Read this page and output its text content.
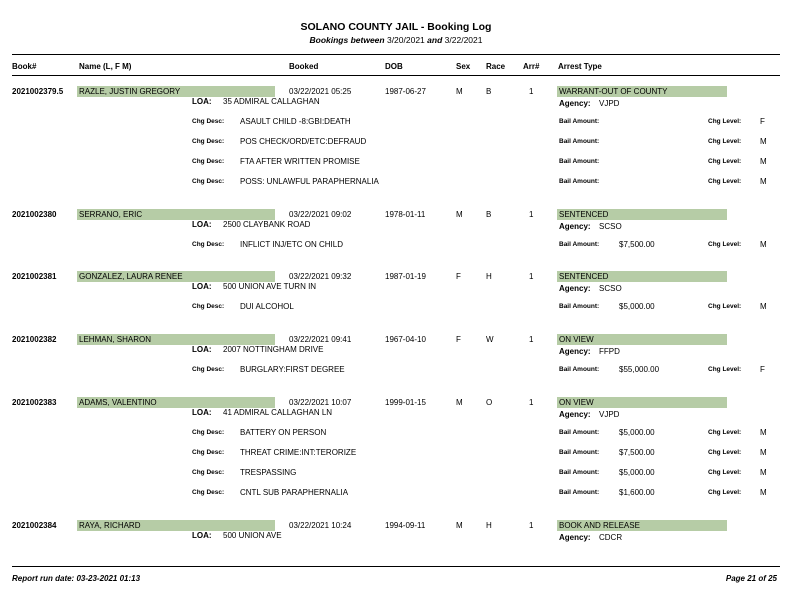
SOLANO COUNTY JAIL - Booking Log
Bookings between 3/20/2021 and 3/22/2021
Book#	Name (L, F M)	Booked	DOB	Sex Race Arr# Arrest Type
2021002379.5 RAZLE, JUSTIN GREGORY	03/22/2021 05:25	1987-06-27	M	B	1	WARRANT-OUT OF COUNTY
LOA: 35 ADMIRAL CALLAGHAN	Agency: VJPD
Chg Desc: ASAULT CHILD -8:GBI:DEATH	Bail Amount:	Chg Level: F
Chg Desc: POS CHECK/ORD/ETC:DEFRAUD	Bail Amount:	Chg Level: M
Chg Desc: FTA AFTER WRITTEN PROMISE	Bail Amount:	Chg Level: M
Chg Desc: POSS: UNLAWFUL PARAPHERNALIA	Bail Amount:	Chg Level: M
2021002380	SERRANO, ERIC	03/22/2021 09:02	1978-01-11	M	B	1	SENTENCED
LOA: 2500 CLAYBANK ROAD	Agency: SCSO
Chg Desc: INFLICT INJ/ETC ON CHILD	Bail Amount: $7,500.00	Chg Level: M
2021002381	GONZALEZ, LAURA RENEE	03/22/2021 09:32	1987-01-19	F	H	1	SENTENCED
LOA: 500 UNION AVE TURN IN	Agency: SCSO
Chg Desc: DUI ALCOHOL	Bail Amount: $5,000.00	Chg Level: M
2021002382	LEHMAN, SHARON	03/22/2021 09:41	1967-04-10	F	W	1	ON VIEW
LOA: 2007 NOTTINGHAM DRIVE	Agency: FFPD
Chg Desc: BURGLARY:FIRST DEGREE	Bail Amount: $55,000.00	Chg Level: F
2021002383	ADAMS, VALENTINO	03/22/2021 10:07	1999-01-15	M	O	1	ON VIEW
LOA: 41 ADMIRAL CALLAGHAN LN	Agency: VJPD
Chg Desc: BATTERY ON PERSON	Bail Amount: $5,000.00	Chg Level: M
Chg Desc: THREAT CRIME:INT:TERORIZE	Bail Amount: $7,500.00	Chg Level: M
Chg Desc: TRESPASSING	Bail Amount: $5,000.00	Chg Level: M
Chg Desc: CNTL SUB PARAPHERNALIA	Bail Amount: $1,600.00	Chg Level: M
2021002384	RAYA, RICHARD	03/22/2021 10:24	1994-09-11	M	H	1	BOOK AND RELEASE
LOA: 500 UNION AVE	Agency: CDCR
Report run date: 03-23-2021 01:13	Page 21 of 25
